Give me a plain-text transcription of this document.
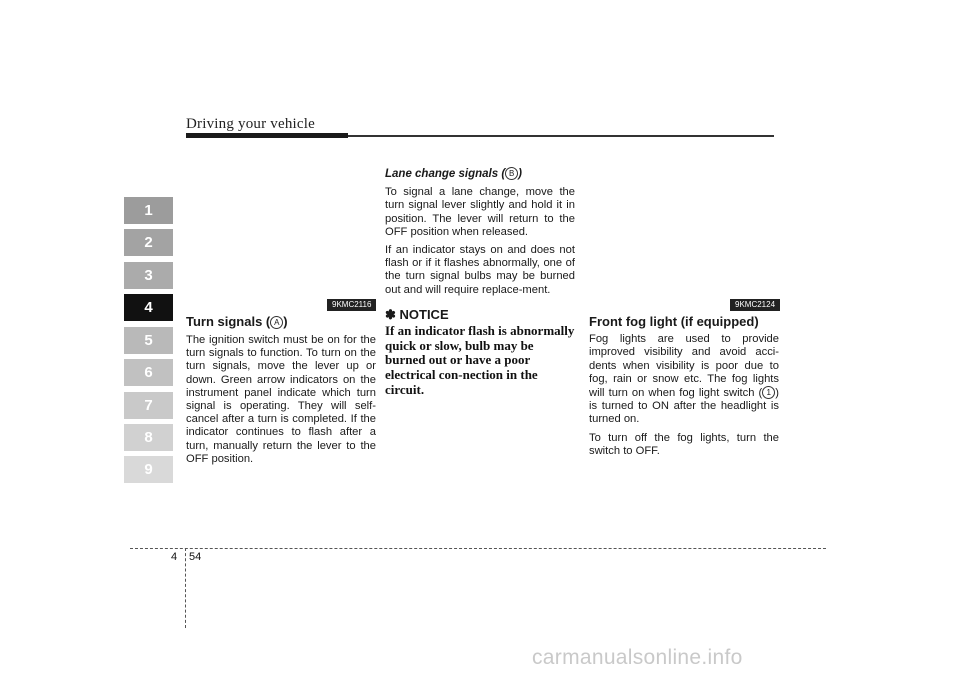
Driving your vehicle
1
2
3
4
5
6
7
8
9
9KMC2116
Turn signals ( A )

The ignition switch must be on for the turn signals to function. To turn on the turn signals, move the lever up or down. Green arrow indicators on the instrument panel indicate which turn signal is operating. They will self-cancel after a turn is completed. If the indicator continues to flash after a turn, manually return the lever to the OFF position.

Lane change signals ( B )

To signal a lane change, move the turn signal lever slightly and hold it in position. The lever will return to the OFF position when released.

If an indicator stays on and does not flash or if it flashes abnormally, one of the turn signal bulbs may be burned out and will require replace-ment.

✽ NOTICE
If an indicator flash is abnormally quick or slow, bulb may be burned out or have a poor electrical con-nection in the circuit.
9KMC2124
Front fog light (if equipped)

Fog lights are used to provide improved visibility and avoid acci-dents when visibility is poor due to fog, rain or snow etc. The fog lights will turn on when fog light switch ( 1 ) is turned to ON after the headlight is turned on.

To turn off the fog lights, turn the switch to OFF.

4 54
carmanualsonline.info
